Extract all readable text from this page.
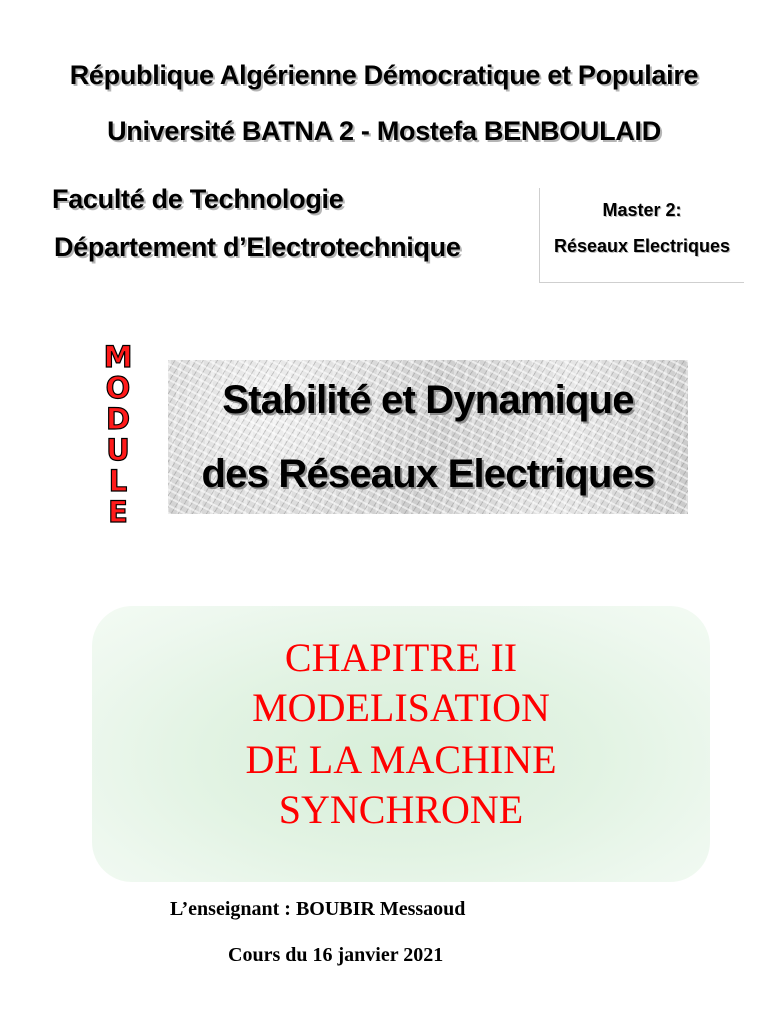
République Algérienne Démocratique et Populaire
Université BATNA 2 - Mostefa BENBOULAID
Faculté de Technologie
Département d’Electrotechnique
Master 2:
Réseaux Electriques
M
O
D
U
L
E
Stabilité et Dynamique
des Réseaux Electriques
CHAPITRE II
MODELISATION
DE LA MACHINE
SYNCHRONE
L’enseignant : BOUBIR Messaoud
Cours du 16 janvier 2021
